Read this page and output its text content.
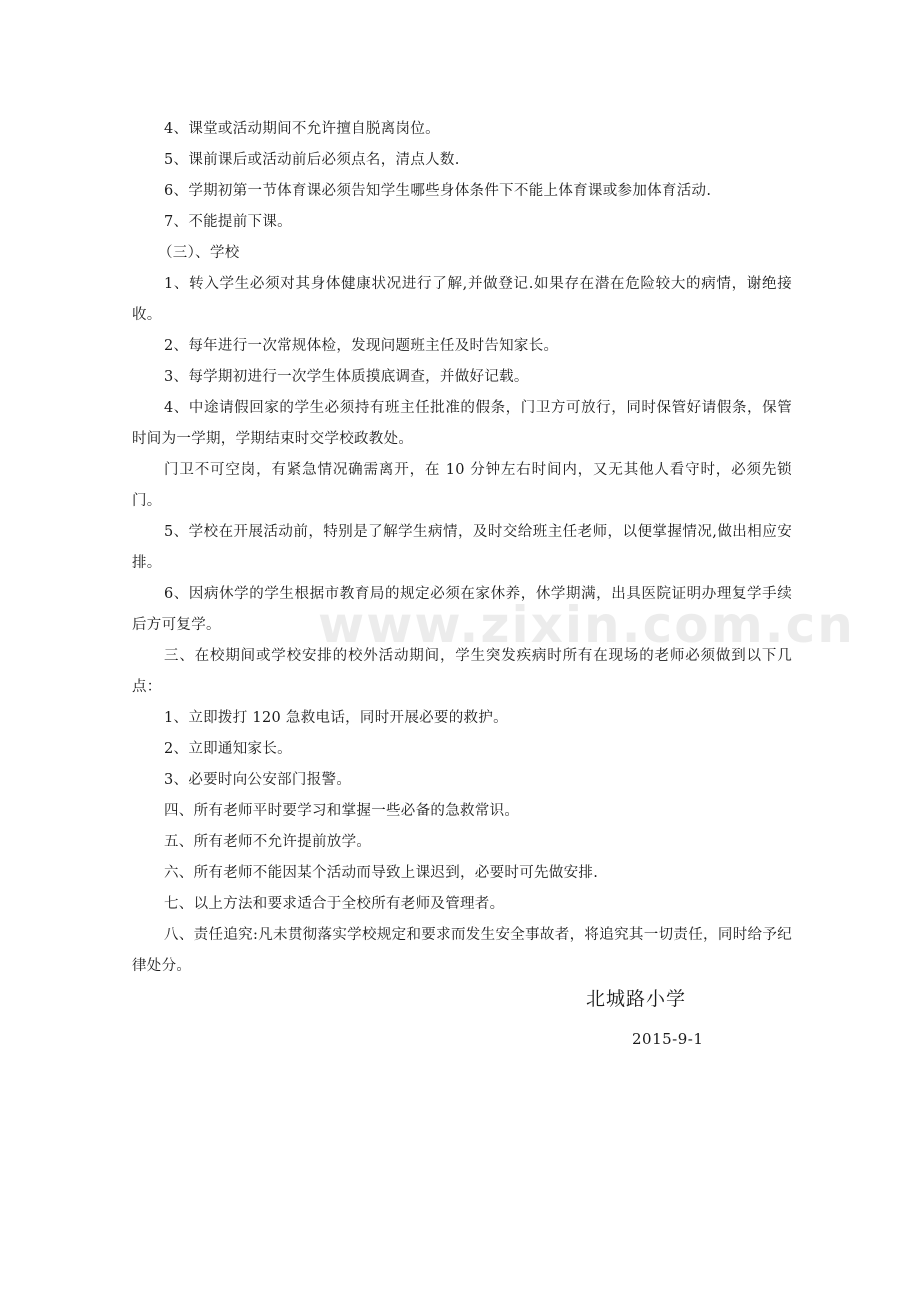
www.zixin.com.cn

4、课堂或活动期间不允许擅自脱离岗位。

5、课前课后或活动前后必须点名，清点人数.

6、学期初第一节体育课必须告知学生哪些身体条件下不能上体育课或参加体育活动.

7、不能提前下课。

（三）、学校

1、转入学生必须对其身体健康状况进行了解,并做登记.如果存在潜在危险较大的病情，谢绝接收。

2、每年进行一次常规体检，发现问题班主任及时告知家长。

3、每学期初进行一次学生体质摸底调查，并做好记载。

4、中途请假回家的学生必须持有班主任批准的假条，门卫方可放行，同时保管好请假条，保管时间为一学期，学期结束时交学校政教处。

门卫不可空岗，有紧急情况确需离开，在 10 分钟左右时间内，又无其他人看守时，必须先锁门。

5、学校在开展活动前，特别是了解学生病情，及时交给班主任老师，以便掌握情况,做出相应安排。

6、因病休学的学生根据市教育局的规定必须在家休养，休学期满，出具医院证明办理复学手续后方可复学。

三、在校期间或学校安排的校外活动期间，学生突发疾病时所有在现场的老师必须做到以下几点：

1、立即拨打 120 急救电话，同时开展必要的救护。

2、立即通知家长。

3、必要时向公安部门报警。

四、所有老师平时要学习和掌握一些必备的急救常识。

五、所有老师不允许提前放学。

六、所有老师不能因某个活动而导致上课迟到，必要时可先做安排.

七、以上方法和要求适合于全校所有老师及管理者。

八、责任追究:凡未贯彻落实学校规定和要求而发生安全事故者，将追究其一切责任，同时给予纪律处分。

北城路小学
2015-9-1
